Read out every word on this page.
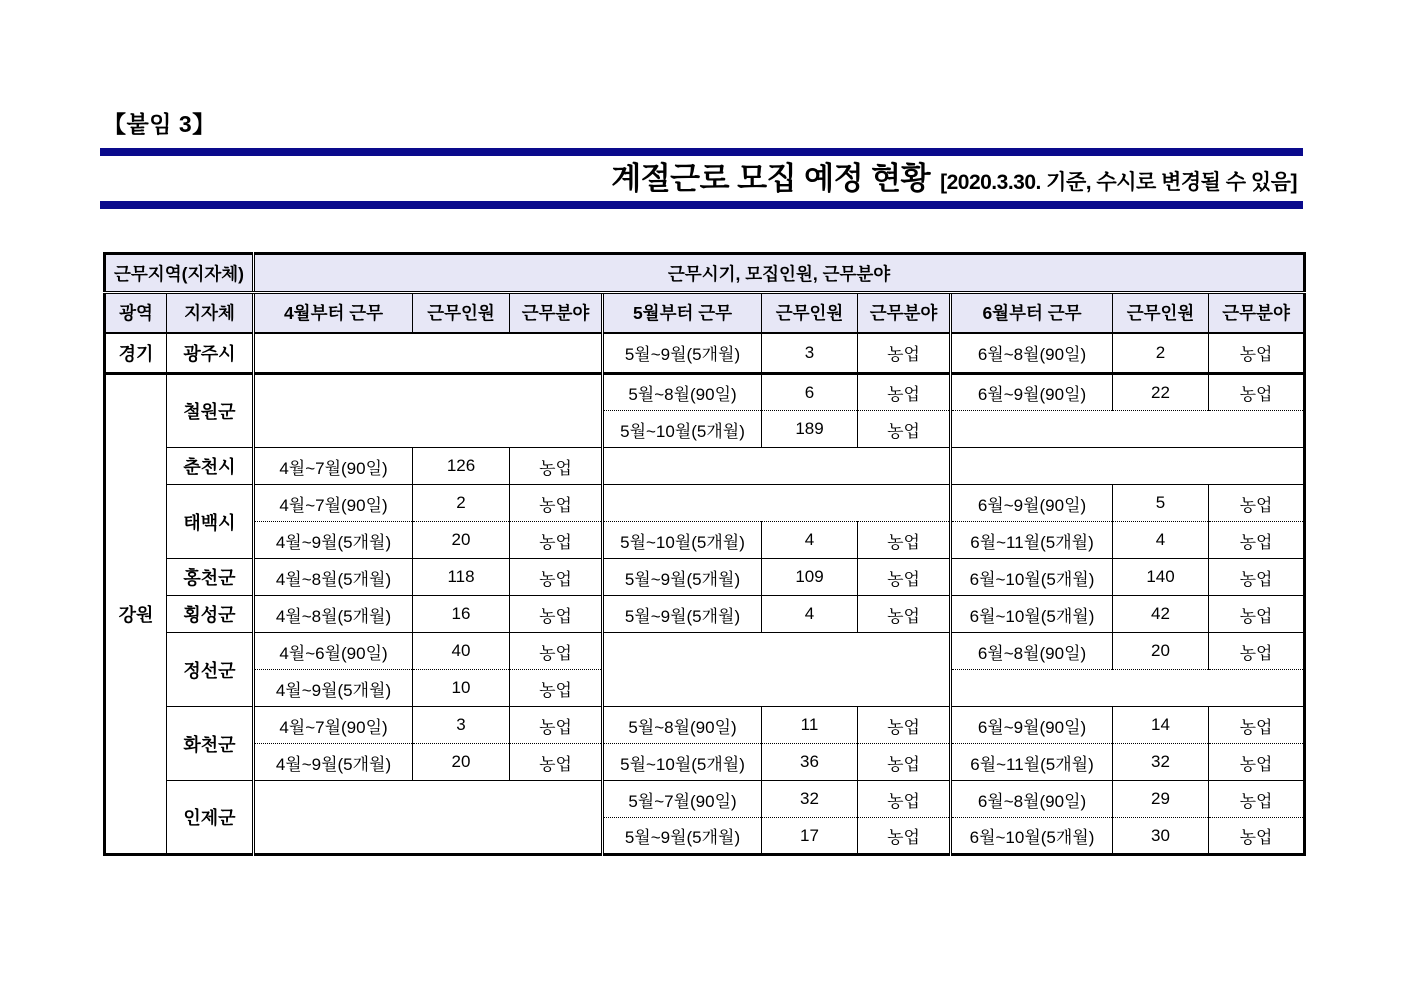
【붙임 3】
계절근로 모집 예정 현황 [2020.3.30. 기준, 수시로 변경될 수 있음]
근무지역(지자체)		근무시기, 모집인원, 근무분야								
광역	지자체	4월부터 근무	근무인원	근무분야	5월부터 근무	근무인원	근무분야	6월부터 근무	근무인원	근무분야
경기	광주시				5월~9월(5개월)	3	농업	6월~8월(90일)	2	농업
강원	철원군				5월~8월(90일)	6	농업	6월~9월(90일)	22	농업
					5월~10월(5개월)	189	농업			
	춘천시	4월~7월(90일)	126	농업						
	태백시	4월~7월(90일)	2	농업				6월~9월(90일)	5	농업
		4월~9월(5개월)	20	농업	5월~10월(5개월)	4	농업	6월~11월(5개월)	4	농업
	홍천군	4월~8월(5개월)	118	농업	5월~9월(5개월)	109	농업	6월~10월(5개월)	140	농업
	횡성군	4월~8월(5개월)	16	농업	5월~9월(5개월)	4	농업	6월~10월(5개월)	42	농업
	정선군	4월~6월(90일)	40	농업				6월~8월(90일)	20	농업
		4월~9월(5개월)	10	농업						
	화천군	4월~7월(90일)	3	농업	5월~8월(90일)	11	농업	6월~9월(90일)	14	농업
		4월~9월(5개월)	20	농업	5월~10월(5개월)	36	농업	6월~11월(5개월)	32	농업
	인제군				5월~7월(90일)	32	농업	6월~8월(90일)	29	농업
					5월~9월(5개월)	17	농업	6월~10월(5개월)	30	농업
